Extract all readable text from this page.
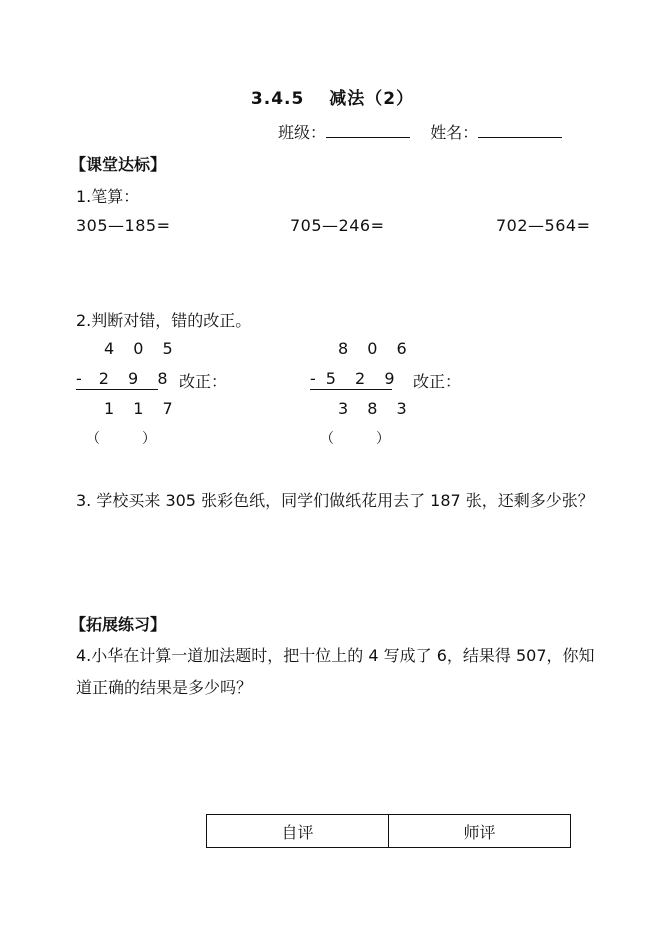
3.4.5　 减法（2）
班级：	姓名：
【课堂达标】
1.笔算：
305—185=	705—246=	702—564=
2.判断对错，错的改正。
4 0 5
- 2 9 8 改正：
1 1 7
（　　　）
8 0 6
- 5 2 9 改正：
3 8 3
（　　　）
3. 学校买来 305 张彩色纸，同学们做纸花用去了 187 张，还剩多少张？
【拓展练习】
4.小华在计算一道加法题时，把十位上的 4 写成了 6，结果得 507，你知道正确的结果是多少吗？
自评	师评
